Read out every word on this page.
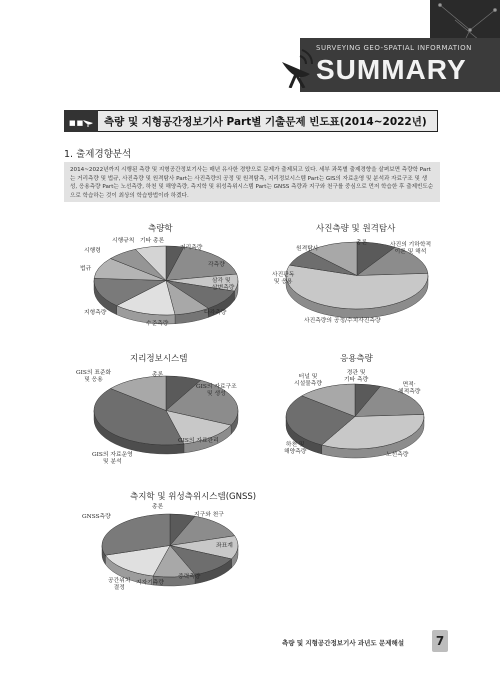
SURVEYING GEO-SPATIAL INFORMATION
SUMMARY
■■ 측량 및 지형공간정보기사 Part별 기출문제 빈도표(2014~2022년)
1. 출제경향분석
2014~2022년까지 시행된 측량 및 지형공간정보기사는 매년 유사한 경향으로 문제가 출제되고 있다. 세부 과목별 출제경향을 살펴보면 측량학 Part는 거리측량 및 법규, 사진측량 및 원격탐사 Part는 사진측량의 공정 및 원격탐측, 지리정보시스템 Part는 GIS의 자료운영 및 분석과 자료구조 및 생성, 응용측량 Part는 노선측량, 하천 및 해양측량, 측지학 및 위성측위시스템 Part는 GNSS 측량과 지구와 천구를 중심으로 먼저 학습한 후 출제빈도순으로 학습하는 것이 최상의 학습방법이라 하겠다.
측량학
기타 총론
거리측량
각측량
삼각 및
삼변측량
다각측량
수준측량
지형측량
법규
시행령
시행규칙
사진측량 및 원격탐사
총론	사진의 기하학적
이론 및 해석
사진측량의 공정/수치사진측량
사진판독
및 응용
원격탐사
지리정보시스템
총론
GIS의 자료구조
및 생성
GIS의 자료관리
GIS의 자료운영
및 분석
GIS의 표준화
및 응용
응용측량
경관 및
기타 측량
면적·
체적측량
노선측량
하천 및
해양측량
터널 및
시설물측량
측지학 및 위성측위시스템(GNSS)
총론
지구와 천구
좌표계
중력측량
지자기측량
공간위치
결정
GNSS측량
측량 및 지형공간정보기사 과년도 문제해설	7
